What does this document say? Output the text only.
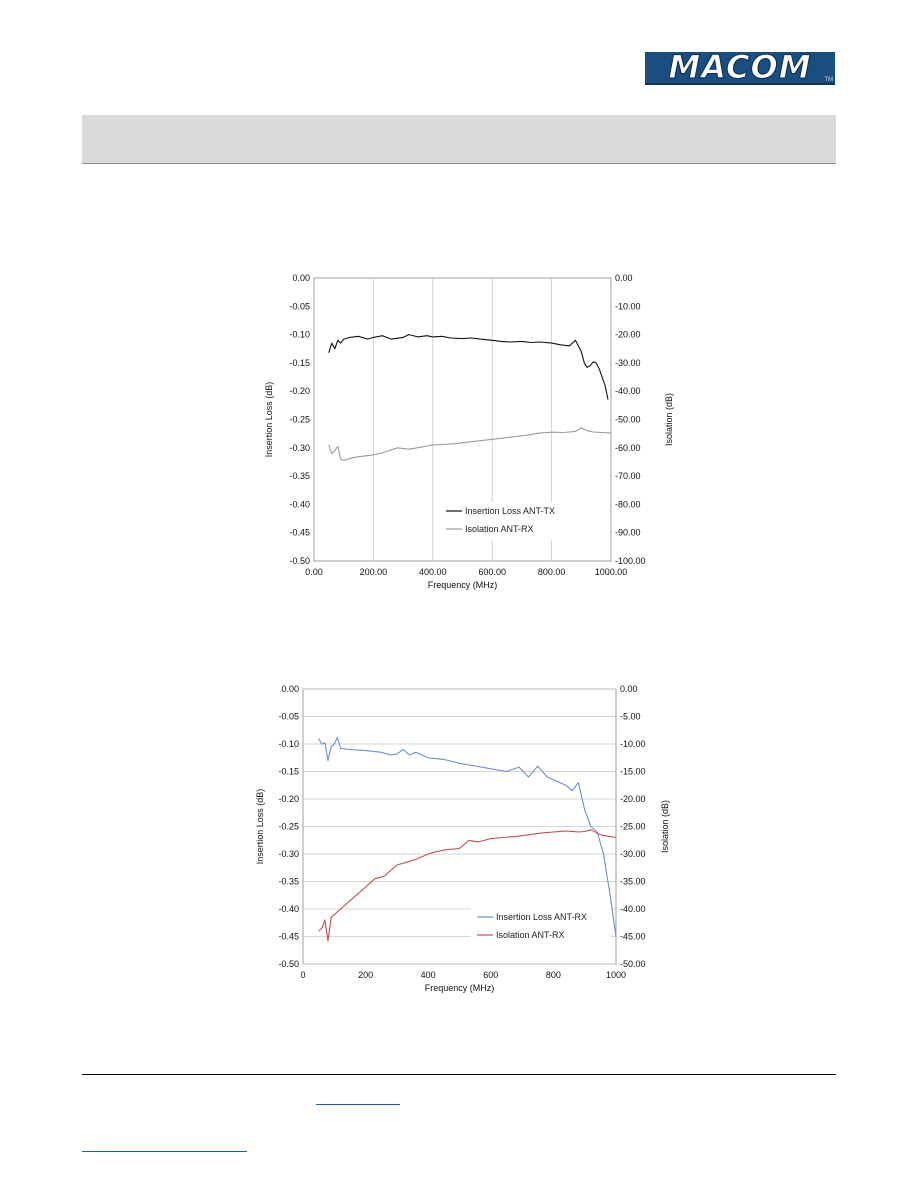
MACOM	TM
0.00	0.00
-0.05	-10.00
-0.10	-20.00
-0.15	-30.00
-0.20	-40.00
-0.25	-50.00
-0.30	-60.00
-0.35	-70.00
-0.40	-80.00
-0.45	-90.00
-0.50	-100.00
0.00	200.00	400.00	600.00	800.00	1000.00
Frequency (MHz)
Insertion Loss (dB)	Isolation (dB)
Insertion Loss ANT-TX
Isolation ANT-RX
0.00	0.00
-0.05	-5.00
-0.10	-10.00
-0.15	-15.00
-0.20	-20.00
-0.25	-25.00
-0.30	-30.00
-0.35	-35.00
-0.40	-40.00
-0.45	-45.00
-0.50	-50.00
0	200	400	600	800	1000
Frequency (MHz)
Insertion Loss (dB)	Isolation (dB)
Insertion Loss ANT-RX
Isolation ANT-RX
